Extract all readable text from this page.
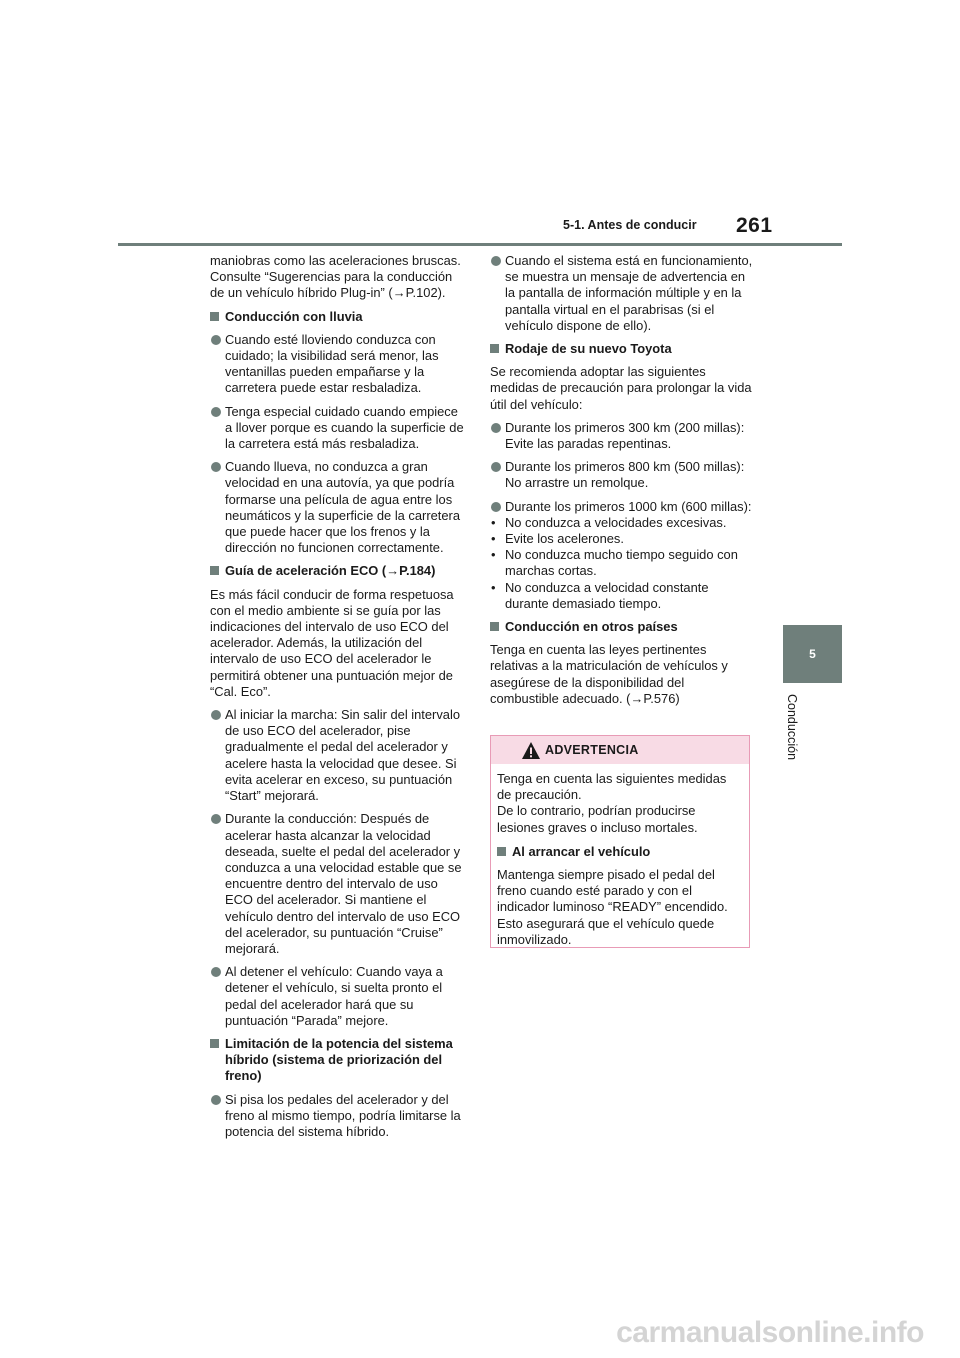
5-1. Antes de conducir 261
5
Conducción

maniobras como las aceleraciones bruscas. Consulte “Sugerencias para la conducción de un vehículo híbrido Plug-in” (→P.102).

Conducción con lluvia
Cuando esté lloviendo conduzca con cuidado; la visibilidad será menor, las ventanillas pueden empañarse y la carretera puede estar resbaladiza.
Tenga especial cuidado cuando empiece a llover porque es cuando la superficie de la carretera está más resbaladiza.
Cuando llueva, no conduzca a gran velocidad en una autovía, ya que podría formarse una película de agua entre los neumáticos y la superficie de la carretera que puede hacer que los frenos y la dirección no funcionen correctamente.
Guía de aceleración ECO (→P.184)

Es más fácil conducir de forma respetuosa con el medio ambiente si se guía por las indicaciones del intervalo de uso ECO del acelerador. Además, la utilización del intervalo de uso ECO del acelerador le permitirá obtener una puntuación mejor de “Cal. Eco”.

Al iniciar la marcha: Sin salir del intervalo de uso ECO del acelerador, pise gradualmente el pedal del acelerador y acelere hasta la velocidad que desee. Si evita acelerar en exceso, su puntuación “Start” mejorará.
Durante la conducción: Después de acelerar hasta alcanzar la velocidad deseada, suelte el pedal del acelerador y conduzca a una velocidad estable que se encuentre dentro del intervalo de uso ECO del acelerador. Si mantiene el vehículo dentro del intervalo de uso ECO del acelerador, su puntuación “Cruise” mejorará.
Al detener el vehículo: Cuando vaya a detener el vehículo, si suelta pronto el pedal del acelerador hará que su puntuación “Parada” mejore.
Limitación de la potencia del sistema híbrido (sistema de priorización del freno)
Si pisa los pedales del acelerador y del freno al mismo tiempo, podría limitarse la potencia del sistema híbrido.
Cuando el sistema está en funcionamiento, se muestra un mensaje de advertencia en la pantalla de información múltiple y en la pantalla virtual en el parabrisas (si el vehículo dispone de ello).
Rodaje de su nuevo Toyota

Se recomienda adoptar las siguientes medidas de precaución para prolongar la vida útil del vehículo:

Durante los primeros 300 km (200 millas): Evite las paradas repentinas.
Durante los primeros 800 km (500 millas): No arrastre un remolque.
Durante los primeros 1000 km (600 millas):
• No conduzca a velocidades excesivas.
• Evite los acelerones.
• No conduzca mucho tiempo seguido con marchas cortas.
• No conduzca a velocidad constante durante demasiado tiempo.
Conducción en otros países

Tenga en cuenta las leyes pertinentes relativas a la matriculación de vehículos y asegúrese de la disponibilidad del combustible adecuado. (→P.576)

ADVERTENCIA
Tenga en cuenta las siguientes medidas de precaución.
De lo contrario, podrían producirse lesiones graves o incluso mortales.
Al arrancar el vehículo
Mantenga siempre pisado el pedal del freno cuando esté parado y con el indicador luminoso “READY” encendido. Esto asegurará que el vehículo quede inmovilizado.
carmanualsonline.info
